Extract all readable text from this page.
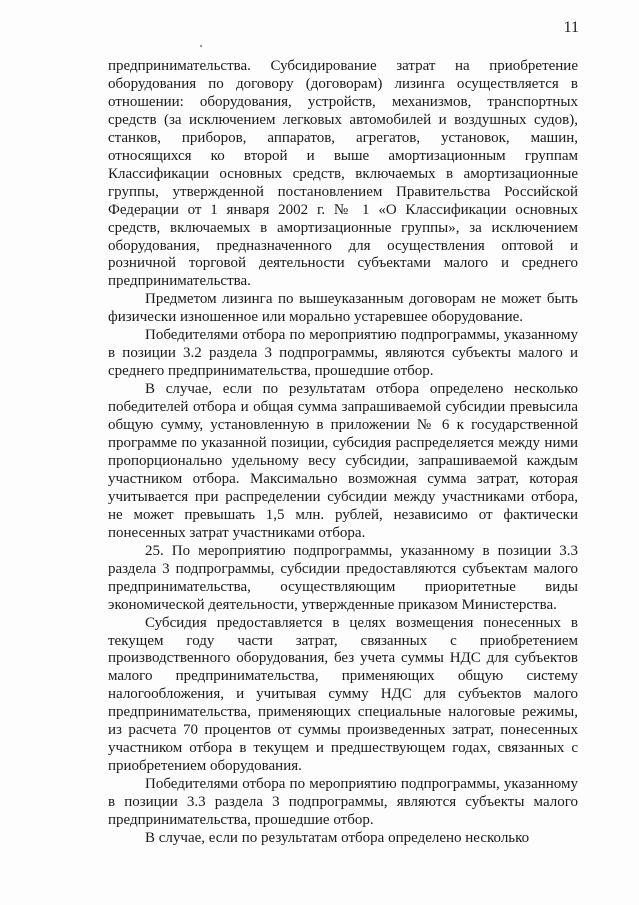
11

предпринимательства. Субсидирование затрат на приобретение оборудования по договору (договорам) лизинга осуществляется в отношении: оборудования, устройств, механизмов, транспортных средств (за исключением легковых автомобилей и воздушных судов), станков, приборов, аппаратов, агрегатов, установок, машин, относящихся ко второй и выше амортизационным группам Классификации основных средств, включаемых в амортизационные группы, утвержденной постановлением Правительства Российской Федерации от 1 января 2002 г. № 1 «О Классификации основных средств, включаемых в амортизационные группы», за исключением оборудования, предназначенного для осуществления оптовой и розничной торговой деятельности субъектами малого и среднего предпринимательства.

Предметом лизинга по вышеуказанным договорам не может быть физически изношенное или морально устаревшее оборудование.

Победителями отбора по мероприятию подпрограммы, указанному в позиции 3.2 раздела 3 подпрограммы, являются субъекты малого и среднего предпринимательства, прошедшие отбор.

В случае, если по результатам отбора определено несколько победителей отбора и общая сумма запрашиваемой субсидии превысила общую сумму, установленную в приложении № 6 к государственной программе по указанной позиции, субсидия распределяется между ними пропорционально удельному весу субсидии, запрашиваемой каждым участником отбора. Максимально возможная сумма затрат, которая учитывается при распределении субсидии между участниками отбора, не может превышать 1,5 млн. рублей, независимо от фактически понесенных затрат участниками отбора.

25. По мероприятию подпрограммы, указанному в позиции 3.3 раздела 3 подпрограммы, субсидии предоставляются субъектам малого предпринимательства, осуществляющим приоритетные виды экономической деятельности, утвержденные приказом Министерства.

Субсидия предоставляется в целях возмещения понесенных в текущем году части затрат, связанных с приобретением производственного оборудования, без учета суммы НДС для субъектов малого предпринимательства, применяющих общую систему налогообложения, и учитывая сумму НДС для субъектов малого предпринимательства, применяющих специальные налоговые режимы, из расчета 70 процентов от суммы произведенных затрат, понесенных участником отбора в текущем и предшествующем годах, связанных с приобретением оборудования.

Победителями отбора по мероприятию подпрограммы, указанному в позиции 3.3 раздела 3 подпрограммы, являются субъекты малого предпринимательства, прошедшие отбор.

В случае, если по результатам отбора определено несколько
